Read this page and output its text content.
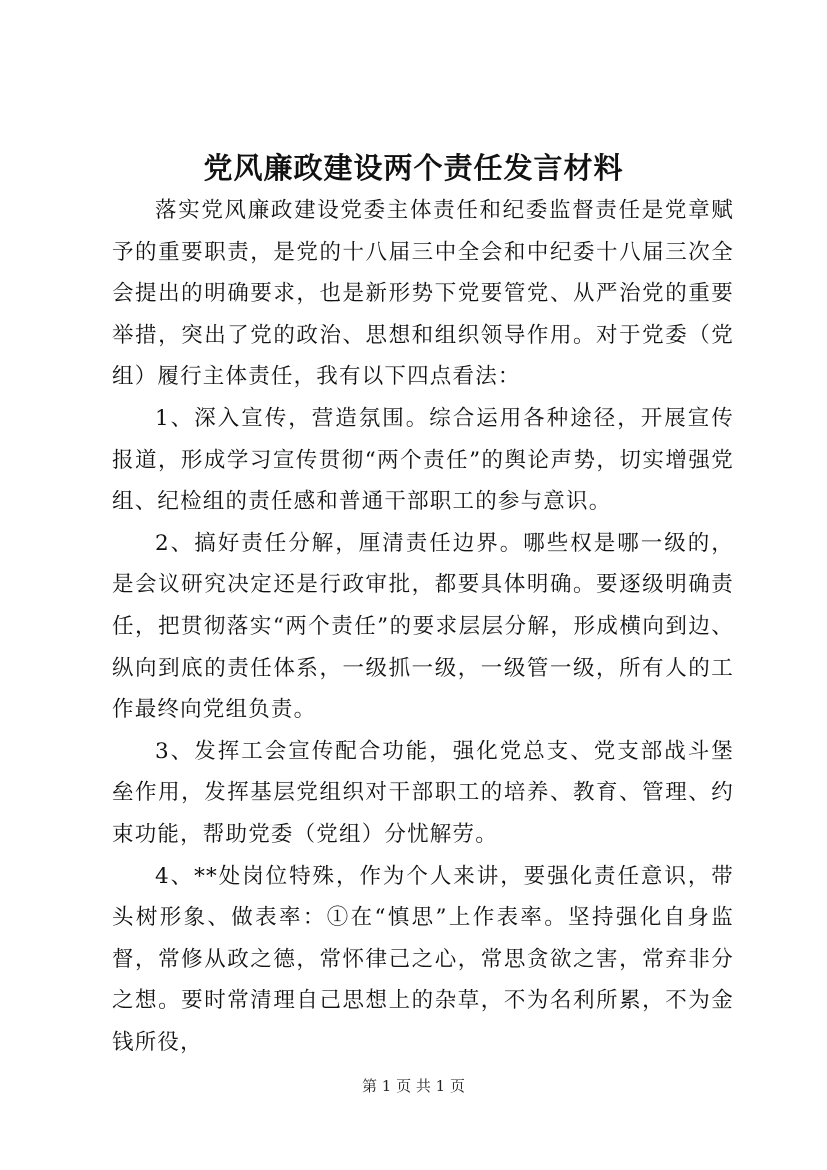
党风廉政建设两个责任发言材料

落实党风廉政建设党委主体责任和纪委监督责任是党章赋予的重要职责，是党的十八届三中全会和中纪委十八届三次全会提出的明确要求，也是新形势下党要管党、从严治党的重要举措，突出了党的政治、思想和组织领导作用。对于党委（党组）履行主体责任，我有以下四点看法：

1、深入宣传，营造氛围。综合运用各种途径，开展宣传报道，形成学习宣传贯彻“两个责任”的舆论声势，切实增强党组、纪检组的责任感和普通干部职工的参与意识。

2、搞好责任分解，厘清责任边界。哪些权是哪一级的，是会议研究决定还是行政审批，都要具体明确。要逐级明确责任，把贯彻落实“两个责任”的要求层层分解，形成横向到边、纵向到底的责任体系，一级抓一级，一级管一级，所有人的工作最终向党组负责。

3、发挥工会宣传配合功能，强化党总支、党支部战斗堡垒作用，发挥基层党组织对干部职工的培养、教育、管理、约束功能，帮助党委（党组）分忧解劳。

4、**处岗位特殊，作为个人来讲，要强化责任意识，带头树形象、做表率：①在“慎思”上作表率。坚持强化自身监督，常修从政之德，常怀律己之心，常思贪欲之害，常弃非分之想。要时常清理自己思想上的杂草，不为名利所累，不为金钱所役，

第 1 页 共 1 页
